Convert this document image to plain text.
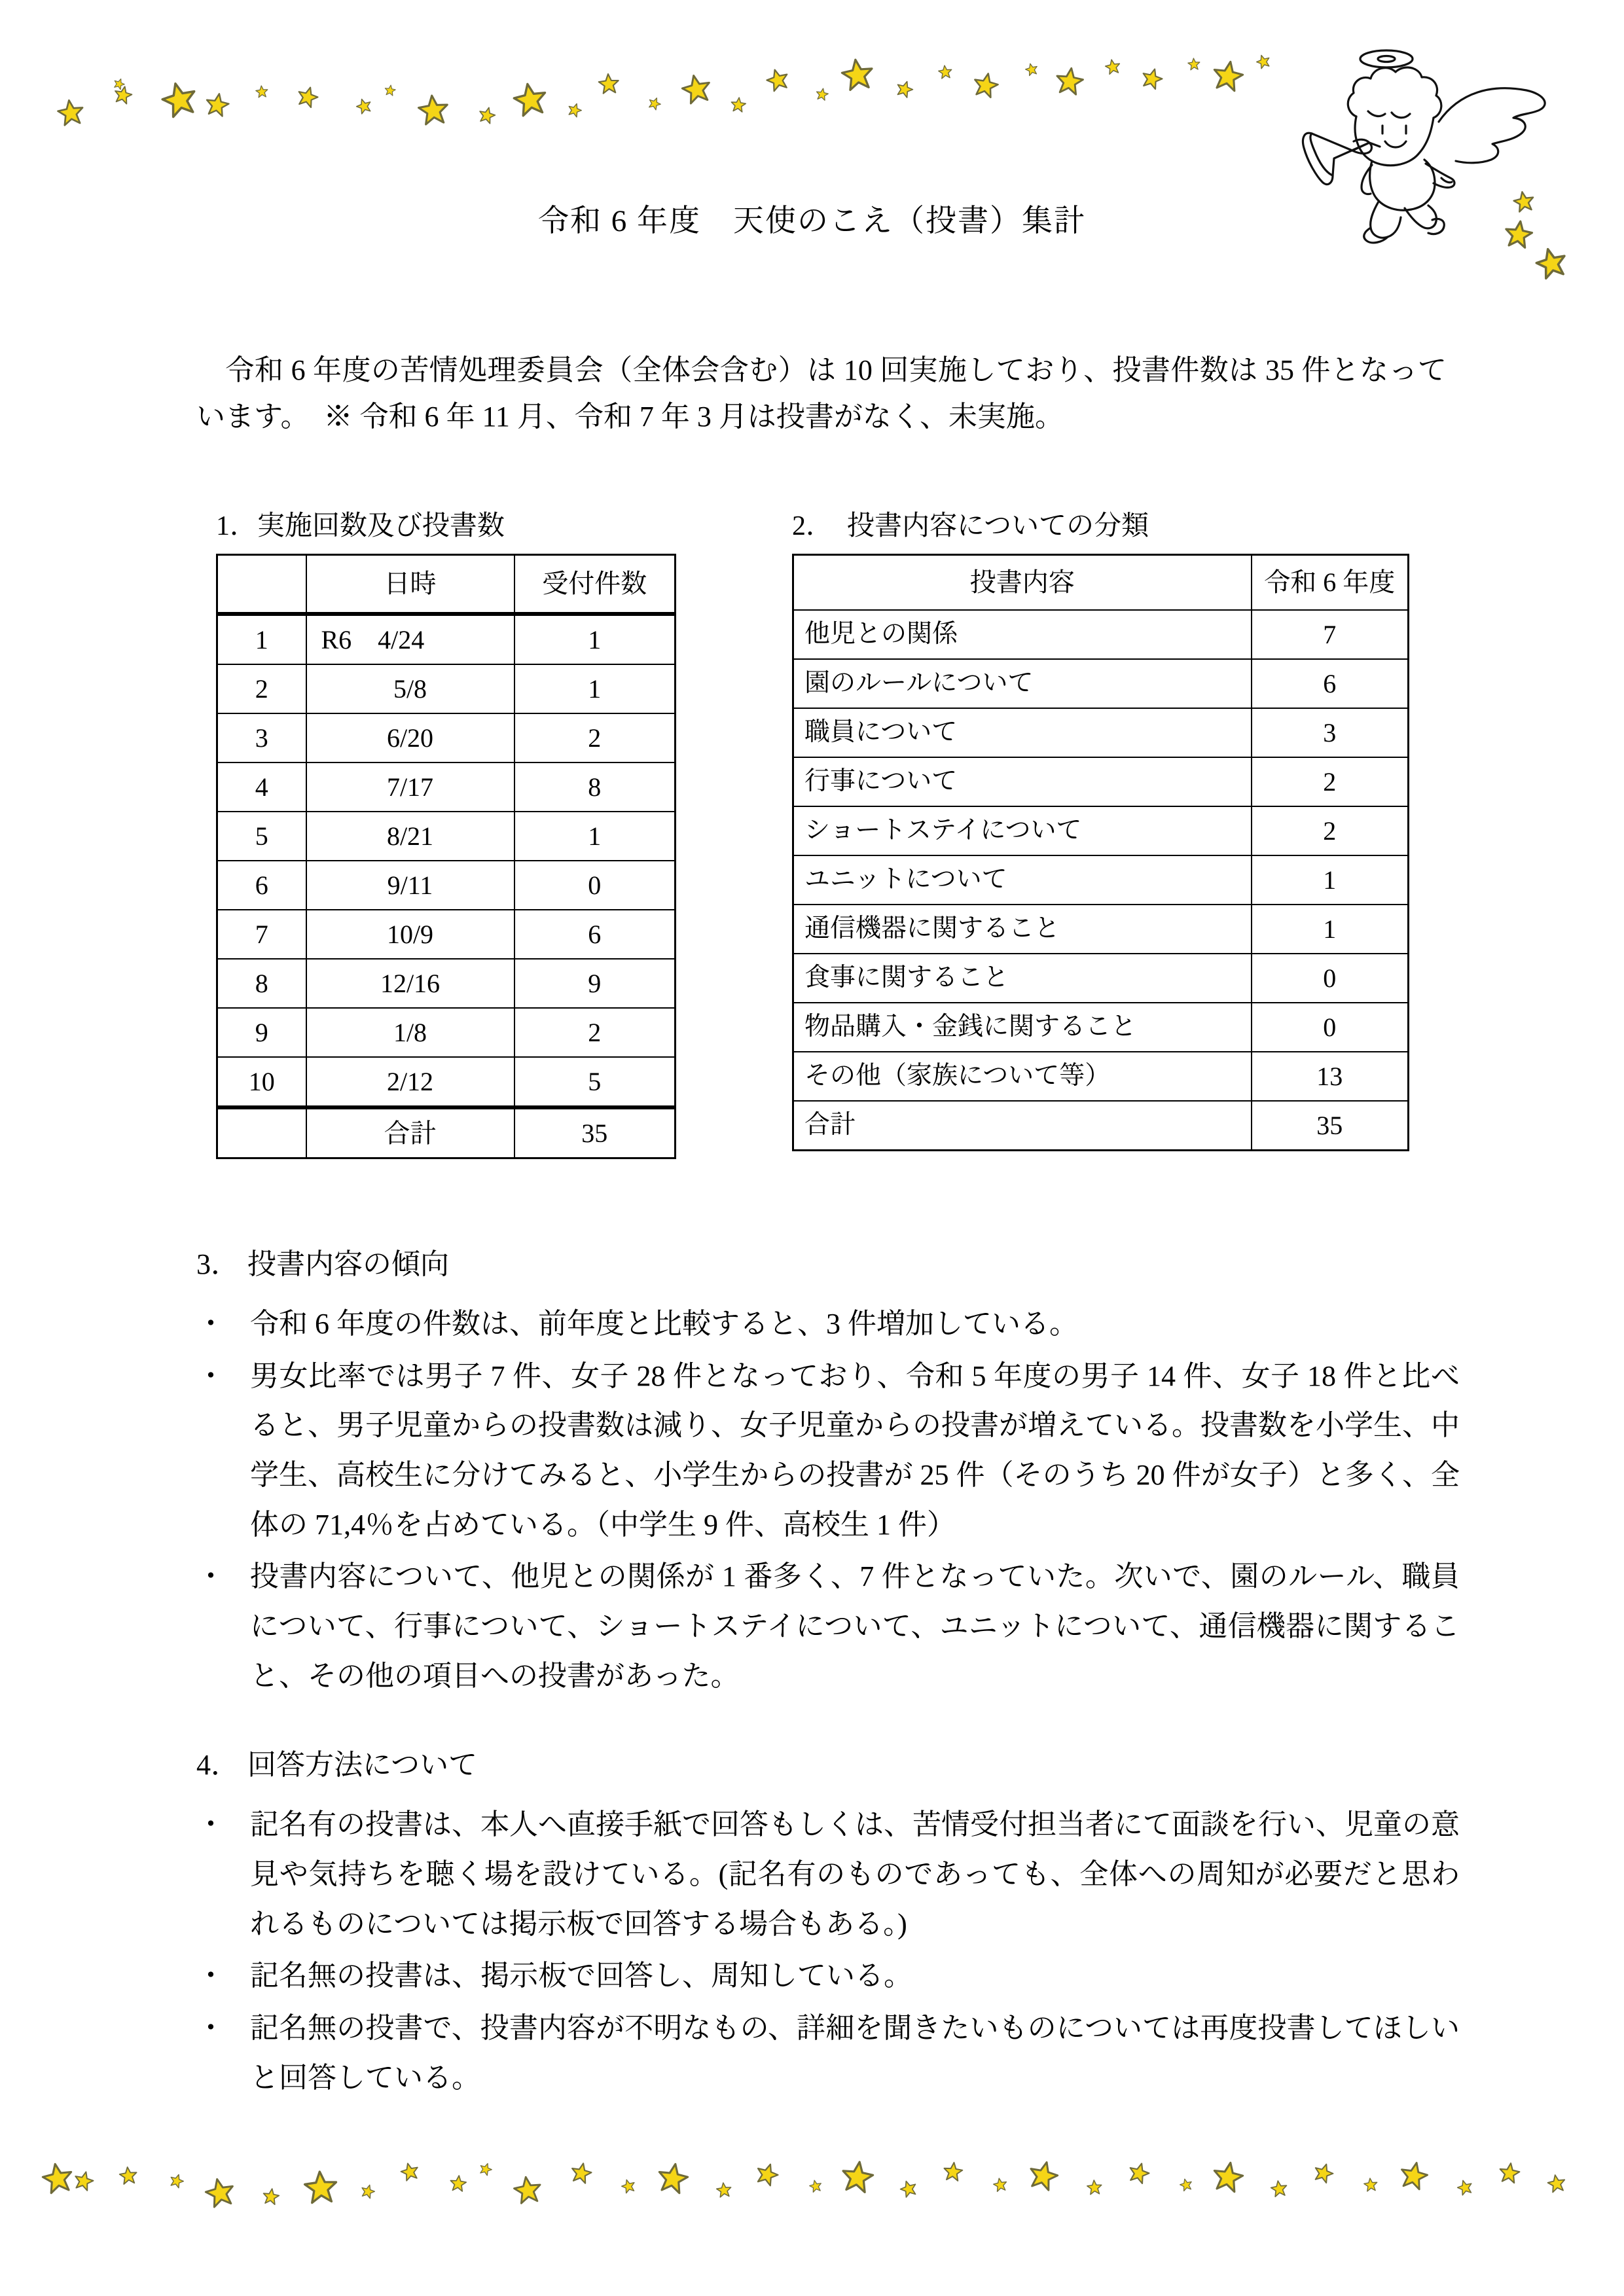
令和 6 年度　天使のこえ（投書）集計
令和 6 年度の苦情処理委員会（全体会含む）は 10 回実施しており、投書件数は 35 件となっています。　※ 令和 6 年 11 月、令和 7 年 3 月は投書がなく、未実施。
1．実施回数及び投書数
	日時	受付件数
1	R6　4/24	1
2	5/8	1
3	6/20	2
4	7/17	8
5	8/21	1
6	9/11	0
7	10/9	6
8	12/16	9
9	1/8	2
10	2/12	5
	合計	35
2．　投書内容についての分類
投書内容	令和 6 年度
他児との関係	7
園のルールについて	6
職員について	3
行事について	2
ショートステイについて	2
ユニットについて	1
通信機器に関すること	1
食事に関すること	0
物品購入・金銭に関すること	0
その他（家族について等）	13
合計	35
3． 投書内容の傾向
・ 令和 6 年度の件数は、前年度と比較すると、3 件増加している。
・ 男女比率では男子 7 件、女子 28 件となっており、令和 5 年度の男子 14 件、女子 18 件と比べると、男子児童からの投書数は減り、女子児童からの投書が増えている。投書数を小学生、中学生、高校生に分けてみると、小学生からの投書が 25 件（そのうち 20 件が女子）と多く、全体の 71,4％を占めている。（中学生 9 件、高校生 1 件）
・ 投書内容について、他児との関係が 1 番多く、7 件となっていた。次いで、園のルール、職員について、行事について、ショートステイについて、ユニットについて、通信機器に関すること、その他の項目への投書があった。
4． 回答方法について
・ 記名有の投書は、本人へ直接手紙で回答もしくは、苦情受付担当者にて面談を行い、児童の意見や気持ちを聴く場を設けている。(記名有のものであっても、全体への周知が必要だと思われるものについては掲示板で回答する場合もある。)
・ 記名無の投書は、掲示板で回答し、周知している。
・ 記名無の投書で、投書内容が不明なもの、詳細を聞きたいものについては再度投書してほしいと回答している。
